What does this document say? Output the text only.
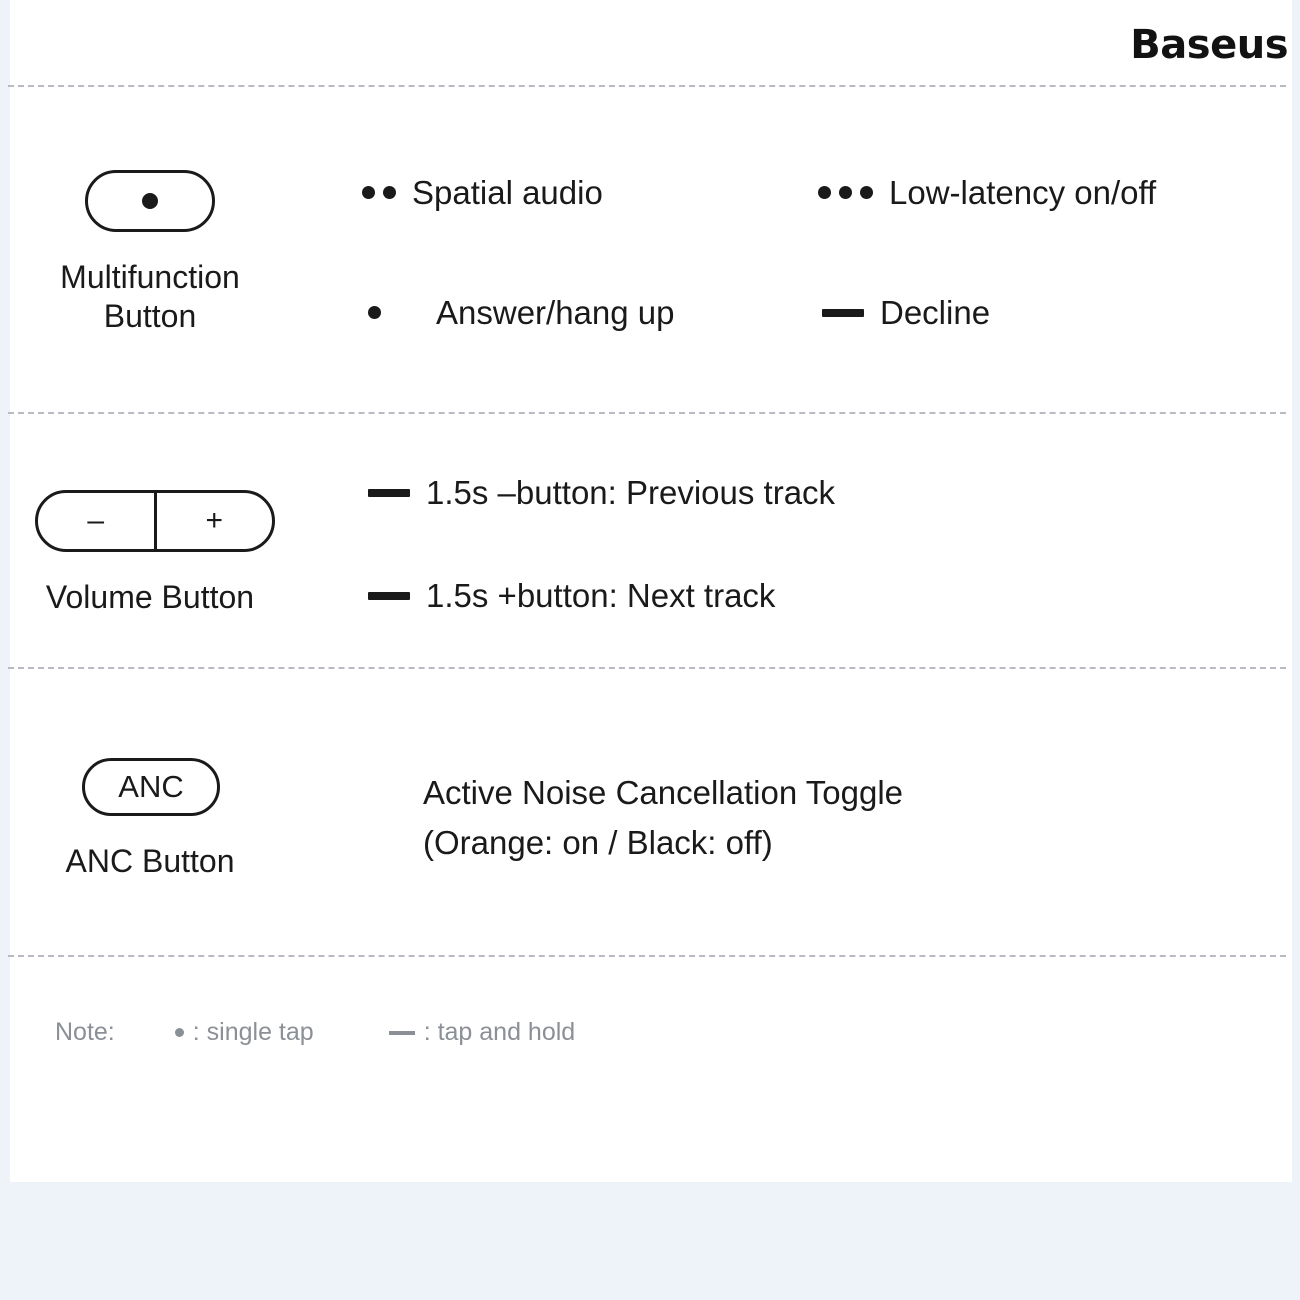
Baseus
Multifunction
Button
Spatial audio	Low-latency on/off
Answer/hang up	Decline
–	+
Volume Button
1.5s –button: Previous track
1.5s +button: Next track
ANC
ANC Button
Active Noise Cancellation Toggle
(Orange: on / Black: off)
Note:	: single tap	: tap and hold
